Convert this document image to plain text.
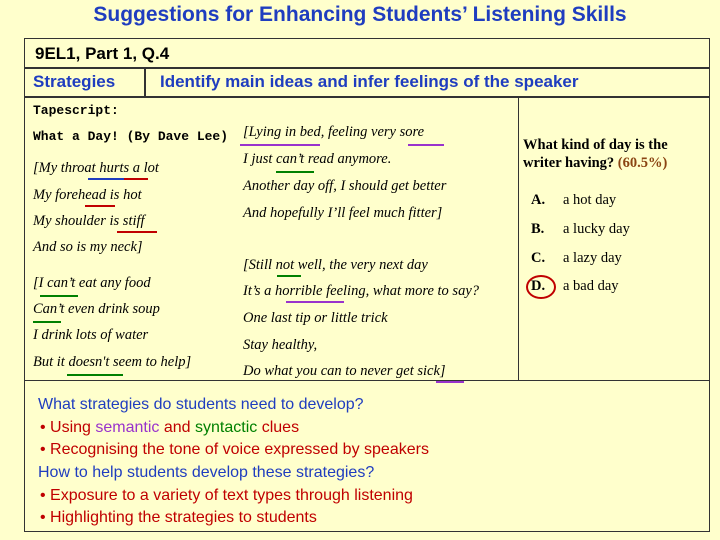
Suggestions for Enhancing Students’ Listening Skills
9EL1, Part 1, Q.4
Strategies	Identify main ideas and infer feelings of the speaker
Tapescript:
What a Day! (By Dave Lee)
[My throat hurts a lot
My forehead is hot
My shoulder is stiff
And so is my neck]
[I can’t eat any food
Can’t even drink soup
I drink lots of water
But it doesn't seem to help]
[Lying in bed, feeling very sore
I just can’t read anymore.
Another day off, I should get better
And hopefully I’ll feel much fitter]
[Still not well, the very next day
It’s a horrible feeling, what more to say?
One last tip or little trick
Stay healthy,
Do what you can to never get sick]
What kind of day is the writer having? (60.5%)
A. a hot day
B. a lucky day
C. a lazy day
D. a bad day
What strategies do students need to develop?
• Using semantic and syntactic clues
• Recognising the tone of voice expressed by speakers
How to help students develop these strategies?
• Exposure to a variety of text types through listening
• Highlighting the strategies to students
